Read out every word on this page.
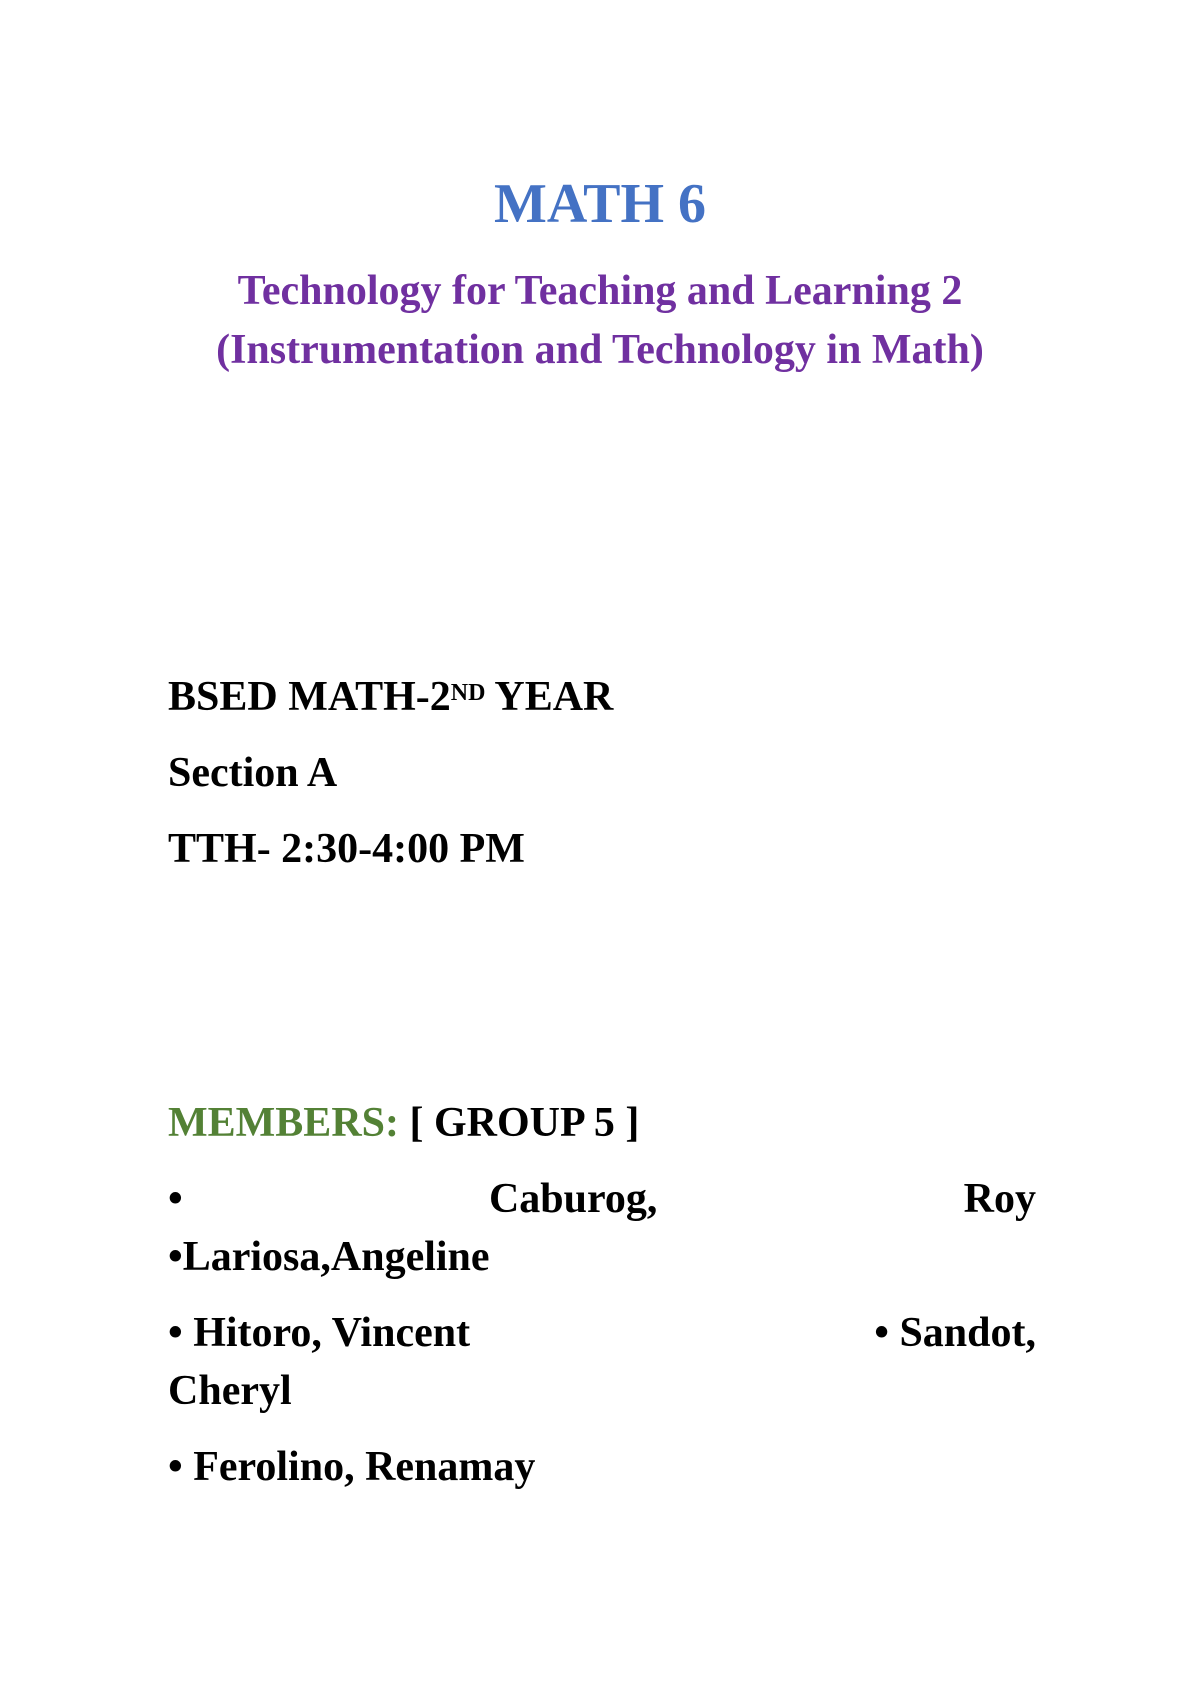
MATH 6
Technology for Teaching and Learning 2
(Instrumentation and Technology in Math)
BSED MATH-2ND YEAR
Section A
TTH- 2:30-4:00 PM
MEMBERS: [ GROUP 5 ]
•	Caburog,	Roy
•Lariosa,Angeline
• Hitoro, Vincent	• Sandot,
Cheryl
• Ferolino, Renamay
